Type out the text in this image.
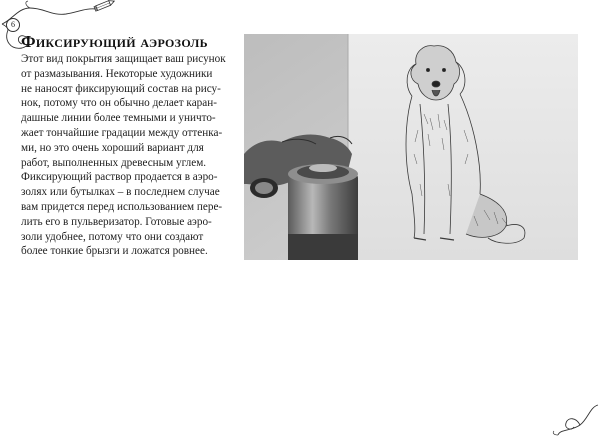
6
Фиксирующий аэрозоль

Этот вид покрытия защищает ваш рисунок
от размазывания. Некоторые художники
не наносят фиксирующий состав на рису-
нок, потому что он обычно делает каран-
дашные линии более темными и уничто-
жает тончайшие градации между оттенка-
ми, но это очень хороший вариант для
работ, выполненных древесным углем.
Фиксирующий раствор продается в аэро-
золях или бутылках – в последнем случае
вам придется перед использованием пере-
лить его в пульверизатор. Готовые аэро-
золи удобнее, потому что они создают
более тонкие брызги и ложатся ровнее.
